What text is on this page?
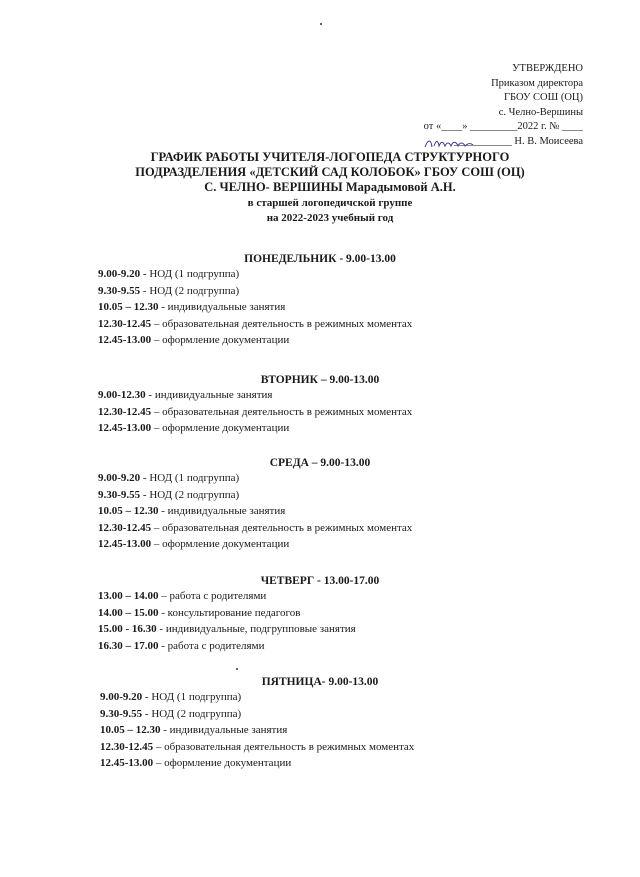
УТВЕРЖДЕНО
Приказом директора
ГБОУ СОШ (ОЦ)
с. Челно-Вершины
от «____» _________2022 г. № ____
___________ Н. В. Моисеева
ГРАФИК РАБОТЫ УЧИТЕЛЯ-ЛОГОПЕДА СТРУКТУРНОГО
ПОДРАЗДЕЛЕНИЯ «ДЕТСКИЙ САД КОЛОБОК» ГБОУ СОШ (ОЦ)
С. ЧЕЛНО- ВЕРШИНЫ Марадымовой А.Н.
в старшей логопедичской группе
на 2022-2023 учебный год
ПОНЕДЕЛЬНИК - 9.00-13.00
9.00-9.20 - НОД (1 подгруппа)
9.30-9.55 - НОД (2 подгруппа)
10.05 – 12.30 - индивидуальные занятия
12.30-12.45 – образовательная деятельность в режимных моментах
12.45-13.00 – оформление документации
ВТОРНИК – 9.00-13.00
9.00-12.30 - индивидуальные занятия
12.30-12.45 – образовательная деятельность в режимных моментах
12.45-13.00 – оформление документации
СРЕДА – 9.00-13.00
9.00-9.20 - НОД (1 подгруппа)
9.30-9.55 - НОД (2 подгруппа)
10.05 – 12.30 - индивидуальные занятия
12.30-12.45 – образовательная деятельность в режимных моментах
12.45-13.00 – оформление документации
ЧЕТВЕРГ - 13.00-17.00
13.00 – 14.00 – работа с родителями
14.00 – 15.00 - консультирование педагогов
15.00 - 16.30 - индивидуальные, подгрупповые занятия
16.30 – 17.00 - работа с родителями
ПЯТНИЦА- 9.00-13.00
9.00-9.20 - НОД (1 подгруппа)
9.30-9.55 - НОД (2 подгруппа)
10.05 – 12.30 - индивидуальные занятия
12.30-12.45 – образовательная деятельность в режимных моментах
12.45-13.00 – оформление документации
